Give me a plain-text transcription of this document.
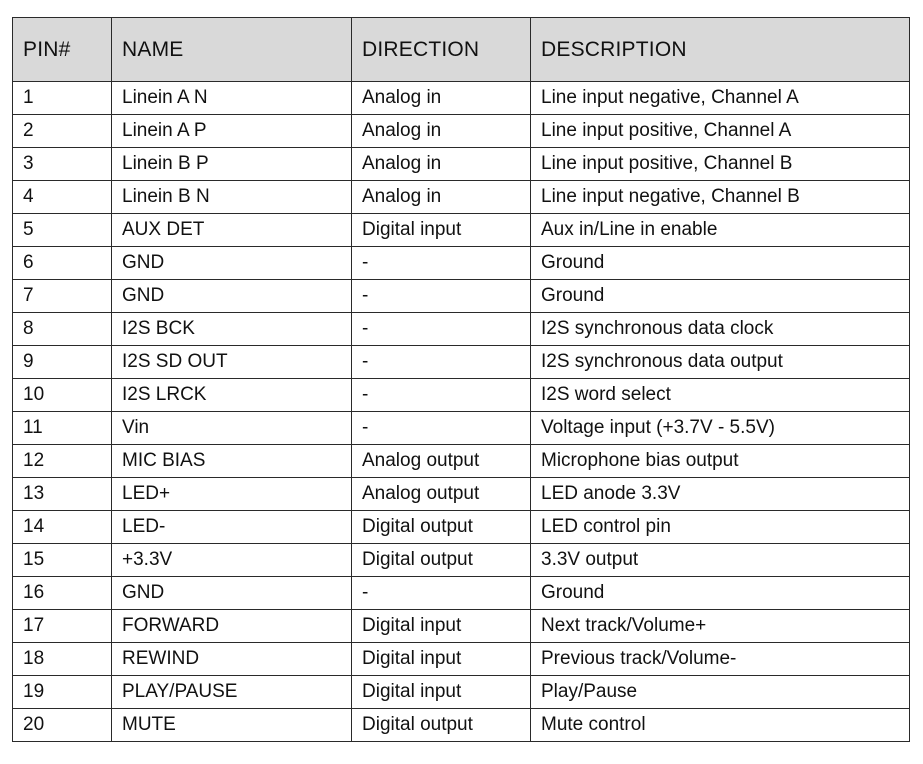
PIN#	NAME	DIRECTION	DESCRIPTION
1	Linein A N	Analog in	Line input negative, Channel A
2	Linein A P	Analog in	Line input positive, Channel A
3	Linein B P	Analog in	Line input positive, Channel B
4	Linein B N	Analog in	Line input negative, Channel B
5	AUX DET	Digital input	Aux in/Line in enable
6	GND	-	Ground
7	GND	-	Ground
8	I2S BCK	-	I2S synchronous data clock
9	I2S SD OUT	-	I2S synchronous data output
10	I2S LRCK	-	I2S word select
11	Vin	-	Voltage input (+3.7V - 5.5V)
12	MIC BIAS	Analog output	Microphone bias output
13	LED+	Analog output	LED anode 3.3V
14	LED-	Digital output	LED control pin
15	+3.3V	Digital output	3.3V output
16	GND	-	Ground
17	FORWARD	Digital input	Next track/Volume+
18	REWIND	Digital input	Previous track/Volume-
19	PLAY/PAUSE	Digital input	Play/Pause
20	MUTE	Digital output	Mute control
